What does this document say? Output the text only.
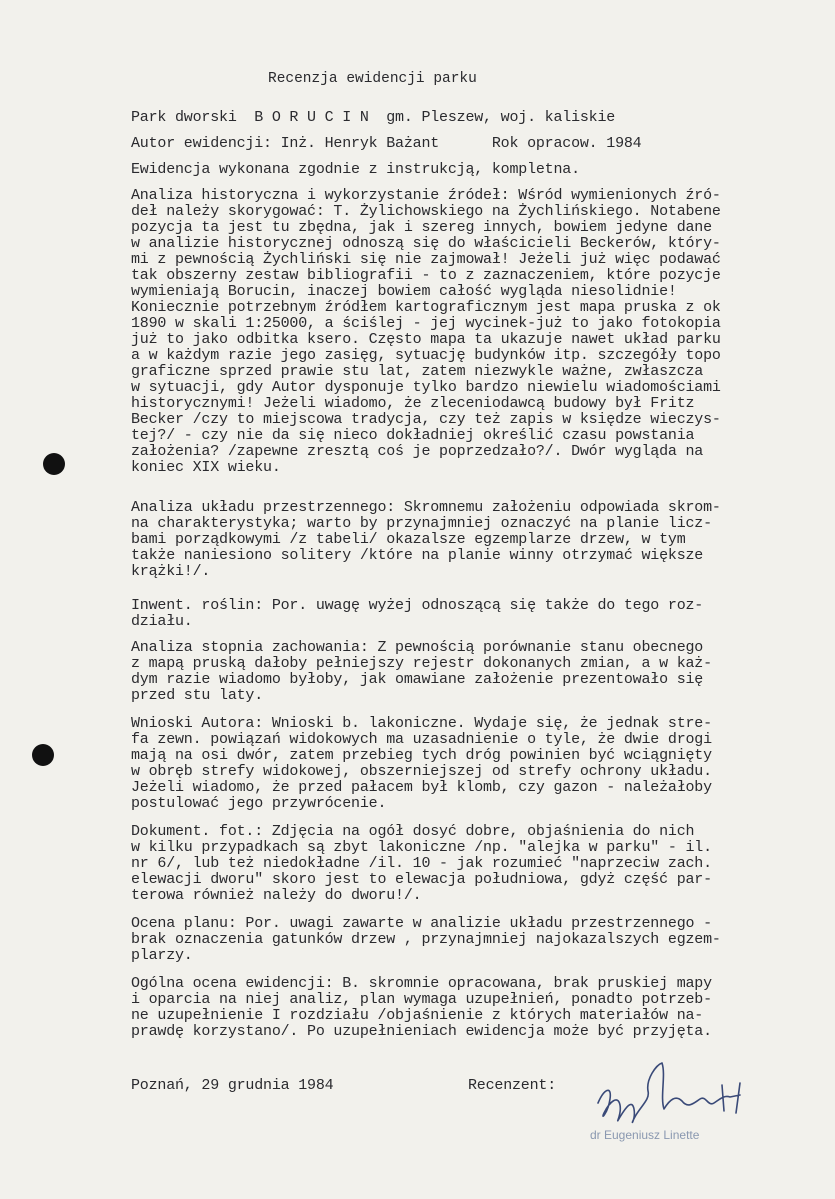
Recenzja ewidencji parku
Park dworski  B O R U C I N  gm. Pleszew, woj. kaliskie
Autor ewidencji: Inż. Henryk Bażant      Rok opracow. 1984
Ewidencja wykonana zgodnie z instrukcją, kompletna.
Analiza historyczna i wykorzystanie źródeł: Wśród wymienionych źró-
deł należy skorygować: T. Żylichowskiego na Żychlińskiego. Notabene
pozycja ta jest tu zbędna, jak i szereg innych, bowiem jedyne dane
w analizie historycznej odnoszą się do właścicieli Beckerów, który-
mi z pewnością Żychliński się nie zajmował! Jeżeli już więc podawać
tak obszerny zestaw bibliografii - to z zaznaczeniem, które pozycje
wymieniają Borucin, inaczej bowiem całość wygląda niesolidnie!
Koniecznie potrzebnym źródłem kartograficznym jest mapa pruska z ok
1890 w skali 1:25000, a ściślej - jej wycinek-już to jako fotokopia
już to jako odbitka ksero. Często mapa ta ukazuje nawet układ parku
a w każdym razie jego zasięg, sytuację budynków itp. szczegóły topo
graficzne sprzed prawie stu lat, zatem niezwykle ważne, zwłaszcza
w sytuacji, gdy Autor dysponuje tylko bardzo niewielu wiadomościami
historycznymi! Jeżeli wiadomo, że zleceniodawcą budowy był Fritz
Becker /czy to miejscowa tradycja, czy też zapis w księdze wieczys-
tej?/ - czy nie da się nieco dokładniej określić czasu powstania
założenia? /zapewne zresztą coś je poprzedzało?/. Dwór wygląda na
koniec XIX wieku.
Analiza układu przestrzennego: Skromnemu założeniu odpowiada skrom-
na charakterystyka; warto by przynajmniej oznaczyć na planie licz-
bami porządkowymi /z tabeli/ okazalsze egzemplarze drzew, w tym
także naniesiono solitery /które na planie winny otrzymać większe
krążki!/.
Inwent. roślin: Por. uwagę wyżej odnoszącą się także do tego roz-
działu.
Analiza stopnia zachowania: Z pewnością porównanie stanu obecnego
z mapą pruską dałoby pełniejszy rejestr dokonanych zmian, a w każ-
dym razie wiadomo byłoby, jak omawiane założenie prezentowało się
przed stu laty.
Wnioski Autora: Wnioski b. lakoniczne. Wydaje się, że jednak stre-
fa zewn. powiązań widokowych ma uzasadnienie o tyle, że dwie drogi
mają na osi dwór, zatem przebieg tych dróg powinien być wciągnięty
w obręb strefy widokowej, obszerniejszej od strefy ochrony układu.
Jeżeli wiadomo, że przed pałacem był klomb, czy gazon - należałoby
postulować jego przywrócenie.
Dokument. fot.: Zdjęcia na ogół dosyć dobre, objaśnienia do nich
w kilku przypadkach są zbyt lakoniczne /np. "alejka w parku" - il.
nr 6/, lub też niedokładne /il. 10 - jak rozumieć "naprzeciw zach.
elewacji dworu" skoro jest to elewacja południowa, gdyż część par-
terowa również należy do dworu!/.
Ocena planu: Por. uwagi zawarte w analizie układu przestrzennego -
brak oznaczenia gatunków drzew , przynajmniej najokazalszych egzem-
plarzy.
Ogólna ocena ewidencji: B. skromnie opracowana, brak pruskiej mapy
i oparcia na niej analiz, plan wymaga uzupełnień, ponadto potrzeb-
ne uzupełnienie I rozdziału /objaśnienie z których materiałów na-
prawdę korzystano/. Po uzupełnieniach ewidencja może być przyjęta.
Poznań, 29 grudnia 1984	Recenzent:
dr Eugeniusz Linette
